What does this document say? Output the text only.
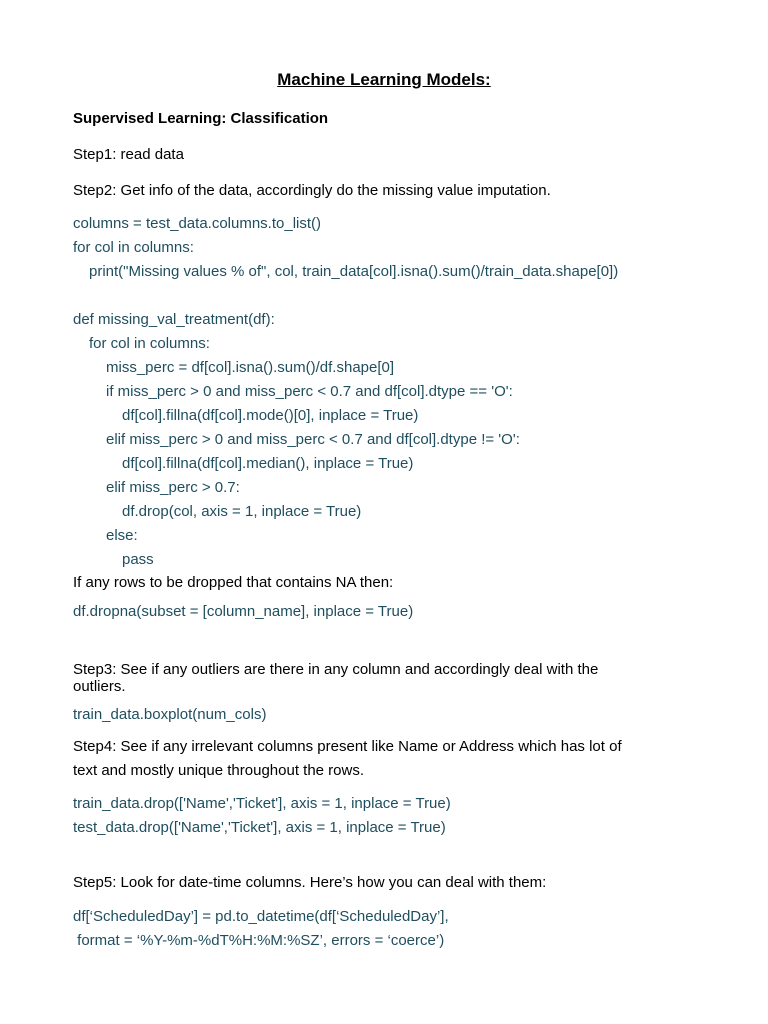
Machine Learning Models:
Supervised Learning: Classification
Step1: read data
Step2: Get info of the data, accordingly do the missing value imputation.
columns = test_data.columns.to_list()
for col in columns:
print("Missing values % of", col, train_data[col].isna().sum()/train_data.shape[0])
def missing_val_treatment(df):
for col in columns:
miss_perc = df[col].isna().sum()/df.shape[0]
if miss_perc > 0 and miss_perc < 0.7 and df[col].dtype == 'O':
df[col].fillna(df[col].mode()[0], inplace = True)
elif miss_perc > 0 and miss_perc < 0.7 and df[col].dtype != 'O':
df[col].fillna(df[col].median(), inplace = True)
elif miss_perc > 0.7:
df.drop(col, axis = 1, inplace = True)
else:
pass
If any rows to be dropped that contains NA then:
df.dropna(subset = [column_name], inplace = True)
Step3: See if any outliers are there in any column and accordingly deal with the
outliers.
train_data.boxplot(num_cols)
Step4: See if any irrelevant columns present like Name or Address which has lot of
text and mostly unique throughout the rows.
train_data.drop(['Name','Ticket'], axis = 1, inplace = True)
test_data.drop(['Name','Ticket'], axis = 1, inplace = True)
Step5: Look for date-time columns. Here’s how you can deal with them:
df[‘ScheduledDay’] = pd.to_datetime(df[‘ScheduledDay’],
format = ‘%Y-%m-%dT%H:%M:%SZ’, errors = ‘coerce’)
